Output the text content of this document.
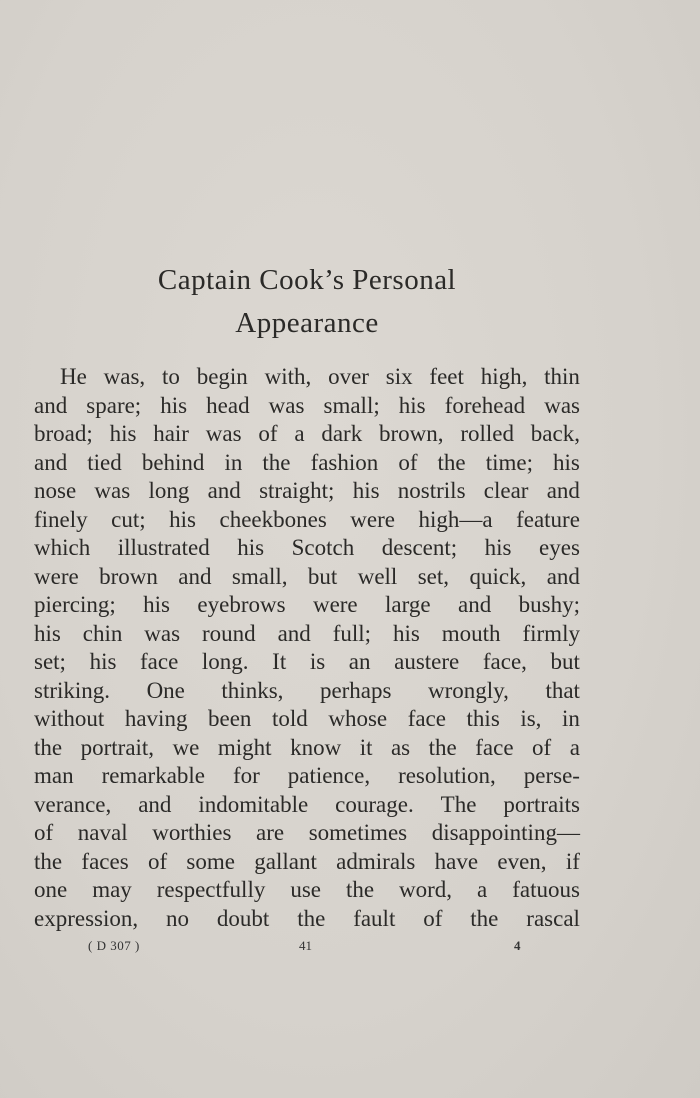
Captain Cook’s Personal
Appearance
He was, to begin with, over six feet high, thin
and spare; his head was small; his forehead was
broad; his hair was of a dark brown, rolled back,
and tied behind in the fashion of the time; his
nose was long and straight; his nostrils clear and
finely cut; his cheekbones were high—a feature
which illustrated his Scotch descent; his eyes
were brown and small, but well set, quick, and
piercing; his eyebrows were large and bushy;
his chin was round and full; his mouth firmly
set; his face long. It is an austere face, but
striking. One thinks, perhaps wrongly, that
without having been told whose face this is, in
the portrait, we might know it as the face of a
man remarkable for patience, resolution, perse-
verance, and indomitable courage. The portraits
of naval worthies are sometimes disappointing—
the faces of some gallant admirals have even, if
one may respectfully use the word, a fatuous
expression, no doubt the fault of the rascal
( D 307 )	41	4
